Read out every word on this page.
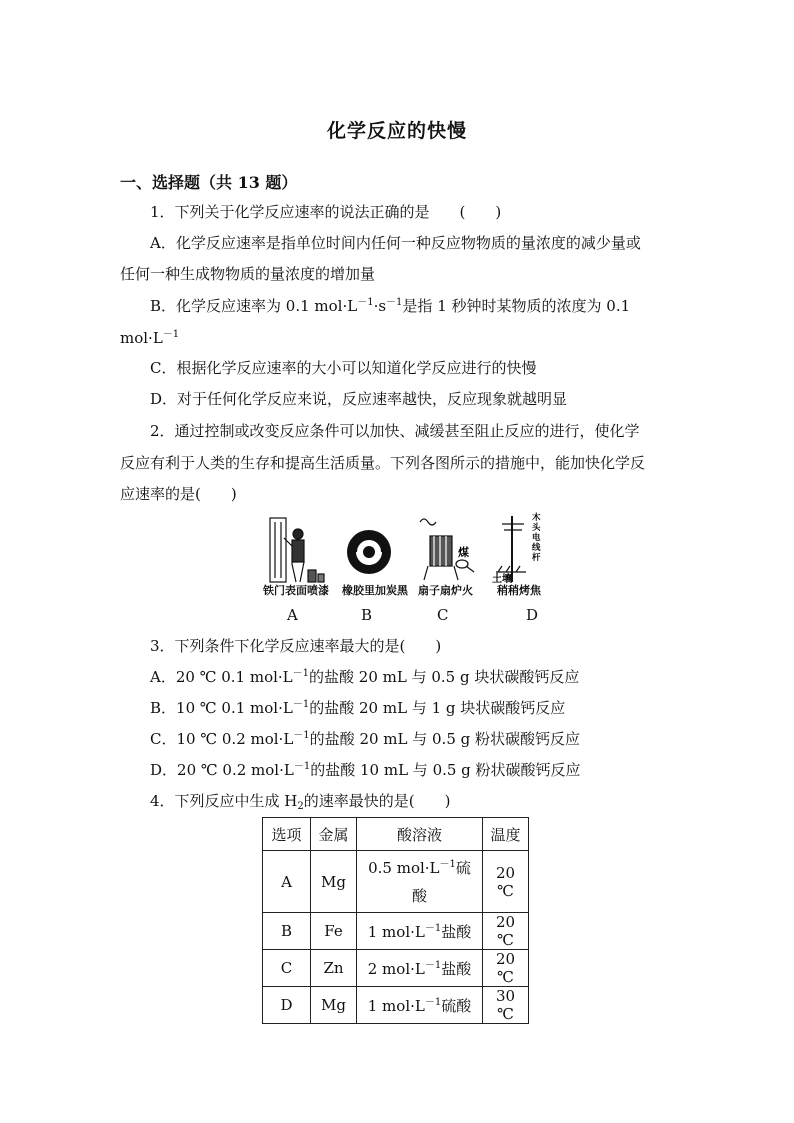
化学反应的快慢
一、选择题（共 13 题）
1．下列关于化学反应速率的说法正确的是　　(　　)
A．化学反应速率是指单位时间内任何一种反应物物质的量浓度的减少量或
任何一种生成物物质的量浓度的增加量
B．化学反应速率为 0.1 $mol\cdot L^{-1}\cdot s^{-1}$是指 1 秒钟时某物质的浓度为 0.1
$mol\cdot L^{-1}$
C．根据化学反应速率的大小可以知道化学反应进行的快慢
D．对于任何化学反应来说，反应速率越快，反应现象就越明显
2．通过控制或改变反应条件可以加快、减缓甚至阻止反应的进行，使化学
反应有利于人类的生存和提高生活质量。下列各图所示的措施中，能加快化学反
应速率的是(　　)
煤
木
头
电
线
杆
土壤
铁门表面喷漆 橡胶里加炭黑 扇子扇炉火 稍稍烤焦
A	B	C	D
3．下列条件下化学反应速率最大的是(　　)
A．20 ℃ 0.1 $mol\cdot L^{-1}$的盐酸 20 mL 与 0.5 g 块状碳酸钙反应
B．10 ℃ 0.1 $mol\cdot L^{-1}$的盐酸 20 mL 与 1 g 块状碳酸钙反应
C．10 ℃ 0.2 $mol\cdot L^{-1}$的盐酸 20 mL 与 0.5 g 粉状碳酸钙反应
D．20 ℃ 0.2 $mol\cdot L^{-1}$的盐酸 10 mL 与 0.5 g 粉状碳酸钙反应
4．下列反应中生成 $H_2$的速率最快的是(　　)
选项	金属	酸溶液	温度
A	Mg	0.5 $mol\cdot L^{-1}$硫
酸	20 ℃
B	Fe	1 $mol\cdot L^{-1}$盐酸	20 ℃
C	Zn	2 $mol\cdot L^{-1}$盐酸	20 ℃
D	Mg	1 $mol\cdot L^{-1}$硫酸	30 ℃
